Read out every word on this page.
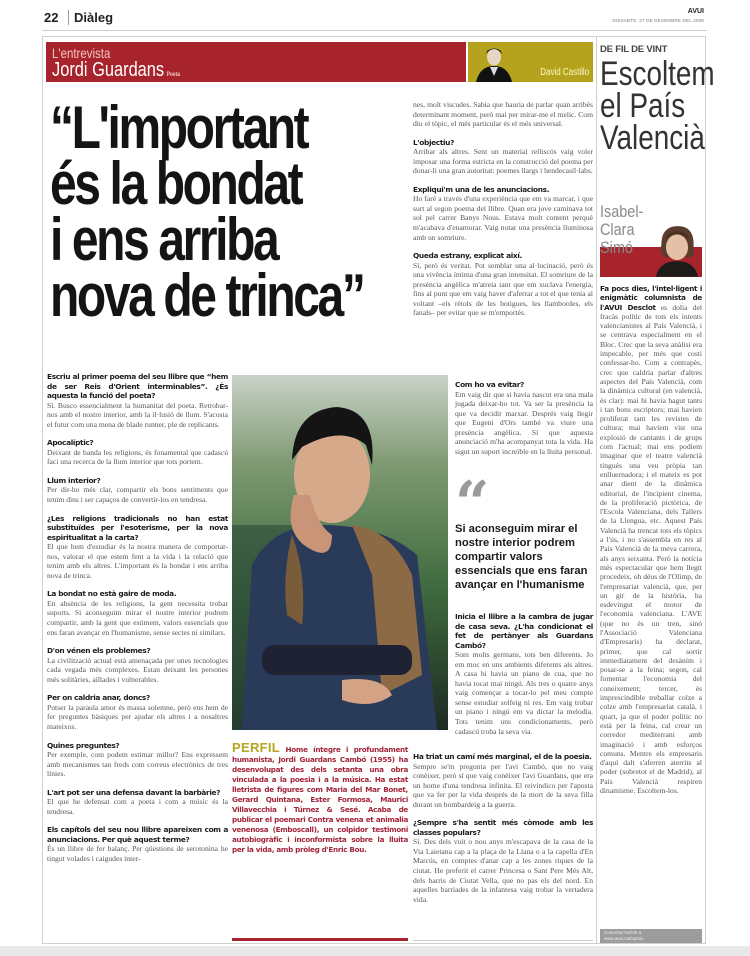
22	Diàleg	AVUI
DISSABTE, 27 DE DESEMBRE DEL 2008
L'entrevista
Jordi Guardans Poeta	David Castillo
“L'important
és la bondat
i ens arriba
nova de trinca”
Escriu al primer poema del seu llibre que “hem de ser Reis d'Orient interminables”. ¿És aquesta la funció del poeta?
Sí. Busco essencialment la humanitat del poeta. Retrobar-nos amb el nostre interior, amb la il·lusió de llum. S'acosta el futur com una mena de blade runner, ple de replicants.
Apocalíptic?
Deixant de banda les religions, és fonamental que cadascú faci una recerca de la llum interior que tots portem.
Llum interior?
Per dir-ho més clar, compartir els bons sentiments que tenim dins i ser capaços de convertir-los en tendresa.
¿Les religions tradicionals no han estat substituïdes per l'esoterisme, per la nova espiritualitat a la carta?
El que hem d'estudiar és la nostra manera de comportar-nos, valorar el que estem fent a la vida i la relació que tenim amb els altres. L'important és la bondat i ens arriba nova de trinca.
La bondat no està gaire de moda.
En absència de les religions, la gent necessita trobar suports. Si aconseguim mirar el nostre interior podrem compartir, amb la gent que estimem, valors essencials que ens faran avançar en l'humanisme, sense sectes ni similars.
D'on vénen els problemes?
La civilització actual està amenaçada per unes tecnologies cada vegada més complexes. Estan deixant les persones més solitàries, aïllades i vulnerables.
Per on caldria anar, doncs?
Potser la paraula amor és massa solemne, però ens hem de fer preguntes bàsiques per ajudar els altres i a nosaltres mateixos.
Quines preguntes?
Per exemple, com podem estimar millor? Ens expressem amb mecanismes tan freds com correus electrònics de tres línies.
L'art pot ser una defensa davant la barbàrie?
El que he defensat com a poeta i com a músic és la tendresa.
Els capítols del seu nou llibre apareixen com a anunciacions. Per què aquest terme?
És un llibre de fer balanç. Per qüestions de serotonina he tingut volades i caigudes inter-
nes, molt viscudes. Sabia que hauria de parlar quan arribés determinant moment, però mai per mirar-me el melic. Com diu el tòpic, el més particular és el més universal.
L'objectiu?
Arribar als altres. Sent un material relliscós vaig voler imposar una forma estricta en la construcció del poema per donar-li una gran autoritat: poemes llargs i hendecasíl·labs.
Expliqui'm una de les anunciacions.
Ho faré a través d'una experiència que em va marcar, i que surt al segon poema del llibre. Quan era jove caminava tot sol pel carrer Banys Nous. Estava molt content perquè m'acabava d'enamorar. Vaig notar una presència lluminosa amb un somriure.
Queda estrany, explicat així.
Sí, però és veritat. Pot semblar una al·lucinació, però és una vivència íntima d'una gran intensitat. El somriure de la presència angèlica m'atreia tant que em xuclava l'energia, fins al punt que em vaig haver d'aferrar a tot el que tenia al voltant –els rètols de les botigues, les llambordes, els fanals– per evitar que se m'emportés.
Com ho va evitar?
Em vaig dir que si havia nascut era una mala jugada deixar-ho tot. Va ser la presència la que va decidir marxar. Després vaig llegir que Eugeni d'Ors també va viure una presència angèlica. Sí que aquesta anunciació m'ha acompanyat tota la vida. Ha sigut un suport increïble en la lluita personal.
“
Si aconseguim mirar el nostre interior podrem compartir valors essencials que ens faran avançar en l'humanisme
Inicia el llibre a la cambra de jugar de casa seva. ¿L'ha condicionat el fet de pertànyer als Guardans Cambó?
Som molts germans, tots ben diferents. Jo em moc en uns ambients diferents als altres. A casa hi havia un piano de cua, que no havia tocat mai ningú. Als tres o quatre anys vaig començar a tocar-lo pel meu compte sense estudiar solfeig ni res. Em vaig trobar un piano i ningú em va dictar la melodia. Tots tenim uns condicionaments, però cadascú troba la seva via.
Ha triat un camí més marginal, el de la poesia.
Sempre se'm pregunta per l'avi Cambó, que no vaig conèixer, però sí que vaig conèixer l'avi Guardans, que era un home d'una tendresa infinita. El reivindico per l'aposta que va fer per la vida després de la mort de la seva filla durant un bombardeig a la guerra.
¿Sempre s'ha sentit més còmode amb les classes populars?
Sí. Des dels vuit o nou anys m'escapava de la casa de la Via Laietana cap a la plaça de la Llana o a la capella d'En Marcús, en comptes d'anar cap a les zones riques de la ciutat. He preferit el carrer Princesa o Sant Pere Més Alt, dels barris de Ciutat Vella, que no pas els del nord. En aquelles barriades de la infantesa vaig trobar la vertadera vida.
PERFIL Home íntegre i profundament humanista, Jordi Guardans Cambó (1955) ha desenvolupat des dels setanta una obra vinculada a la poesia i a la música. Ha estat lletrista de figures com Maria del Mar Bonet, Gerard Quintana, Ester Formosa, Maurici Villavecchia i Túrnez & Sesé. Acaba de publicar el poemari Contra venena et animalia venenosa (Emboscall), un colpidor testimoni autobiogràfic i inconformista sobre la lluita per la vida, amb pròleg d'Enric Bou.
DE FIL DE VINT
Escoltem el País Valencià
Isabel-Clara Simó
Fa pocs dies, l'intel·ligent i enigmàtic columnista de l'AVUI Desclot es dolia del fracàs polític de tots els intents valencianistes al País Valencià, i se centrava especialment en el Bloc. Crec que la seva anàlisi era impecable, per més que costi confessar-ho. Com a contrapès, crec que caldria parlar d'altres aspectes del País Valencià, com la dinàmica cultural (en valencià, és clar): mai hi havia hagut tants i tan bons escriptors; mai havien proliferat tant les revistes de cultura; mai havíem vist una explosió de cantants i de grups com l'actual; mai ens podíem imaginar que el teatre valencià tingués una veu pròpia tan enlluernadora; i el mateix es pot anar dient de la dinàmica editorial, de l'incipient cinema, de la proliferació pictòrica, de l'Escola Valenciana, dels Tallers de la Llengua, etc. Aquest País Valencià ha trencat tots els tòpics a l'ús, i no s'assembla en res al País Valencià de la meva carrera, als anys seixanta. Però la notícia més espectacular que hem llegit procedeix, oh déus de l'Olimp, de l'empresariat valencià, que, per un gir de la història, ha esdevingut el motor de l'economia valenciana. L'AVE (que no és un tren, sinó l'Associació Valenciana d'Empresaris) ha declarat, primer, que cal sortir immediatament del desànim i posar-se a la feina; segon, cal fomentar l'economia del coneixement; tercer, és imprescindible treballar colze a colze amb l'empresariat català, i quart, ja que el poder polític no està per la feina, cal crear un corredor mediterrani amb imaginació i amb esforços comuns. Mentre els empresaris d'aquí dalt s'aferren aterrits al poder (sobretot el de Madrid), al País Valencià respiren dinamisme. Escoltem-los.
Comenta l'article a
www.avui.cat/opinio
